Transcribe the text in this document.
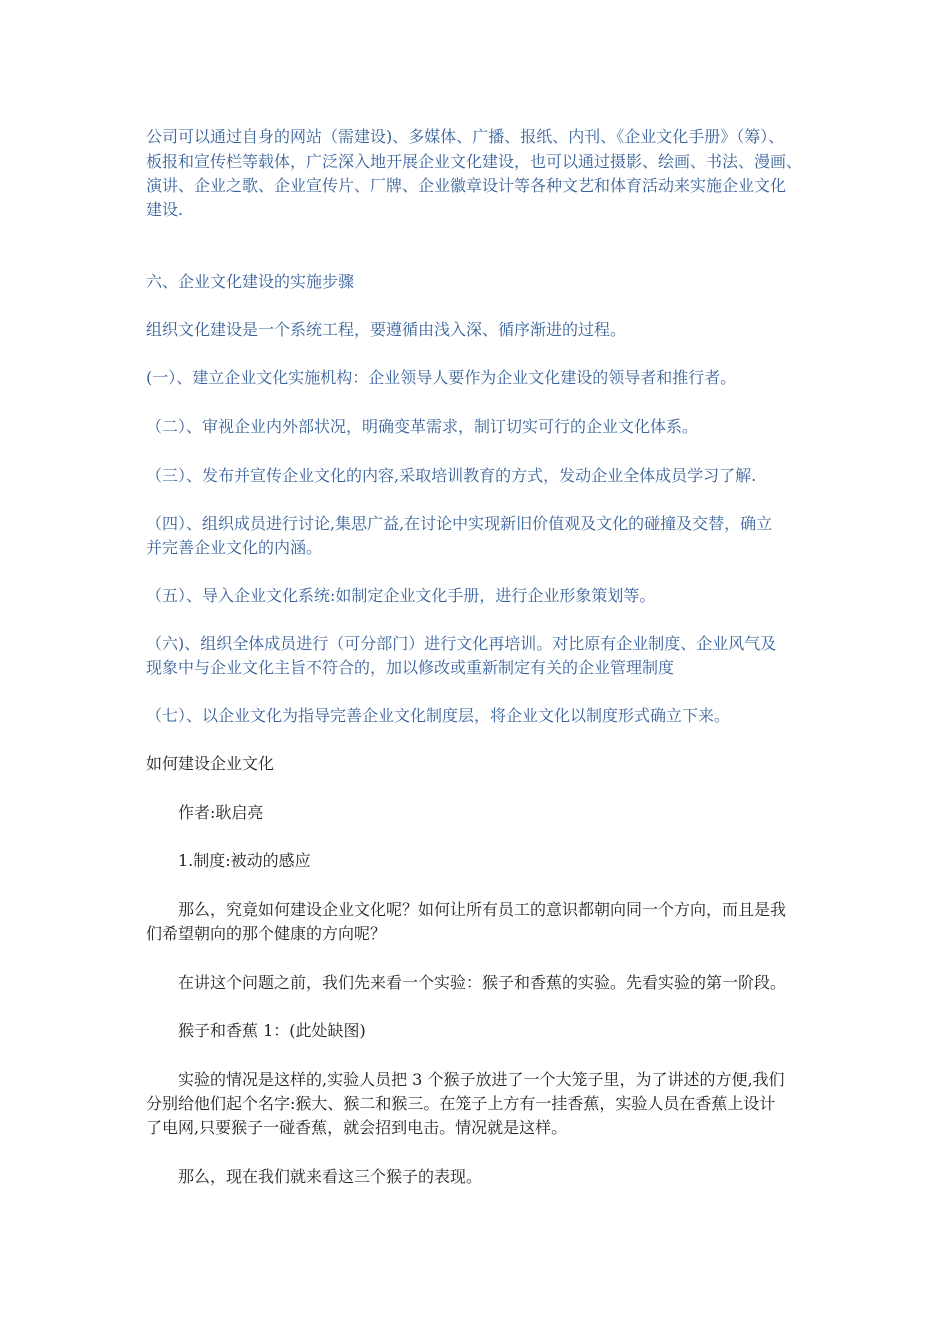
公司可以通过自身的网站（需建设)、多媒体、广播、报纸、内刊、《企业文化手册》（筹）、

板报和宣传栏等载体，广泛深入地开展企业文化建设，也可以通过摄影、绘画、书法、漫画、

演讲、企业之歌、企业宣传片、厂牌、企业徽章设计等各种文艺和体育活动来实施企业文化

建设.

六、企业文化建设的实施步骤

组织文化建设是一个系统工程，要遵循由浅入深、循序渐进的过程。

(一）、建立企业文化实施机构：企业领导人要作为企业文化建设的领导者和推行者。

（二）、审视企业内外部状况，明确变革需求，制订切实可行的企业文化体系。

（三）、发布并宣传企业文化的内容,采取培训教育的方式，发动企业全体成员学习了解.

（四）、组织成员进行讨论,集思广益,在讨论中实现新旧价值观及文化的碰撞及交替，确立

并完善企业文化的内涵。

（五）、导入企业文化系统:如制定企业文化手册，进行企业形象策划等。

（六)、组织全体成员进行（可分部门）进行文化再培训。对比原有企业制度、企业风气及

现象中与企业文化主旨不符合的，加以修改或重新制定有关的企业管理制度

（七）、以企业文化为指导完善企业文化制度层，将企业文化以制度形式确立下来。

如何建设企业文化

作者:耿启亮

1.制度:被动的感应

那么，究竟如何建设企业文化呢？如何让所有员工的意识都朝向同一个方向，而且是我

们希望朝向的那个健康的方向呢？

在讲这个问题之前，我们先来看一个实验：猴子和香蕉的实验。先看实验的第一阶段。

猴子和香蕉 1：(此处缺图)

实验的情况是这样的,实验人员把 3 个猴子放进了一个大笼子里，为了讲述的方便,我们

分别给他们起个名字:猴大、猴二和猴三。在笼子上方有一挂香蕉，实验人员在香蕉上设计

了电网,只要猴子一碰香蕉，就会招到电击。情况就是这样。

那么，现在我们就来看这三个猴子的表现。
